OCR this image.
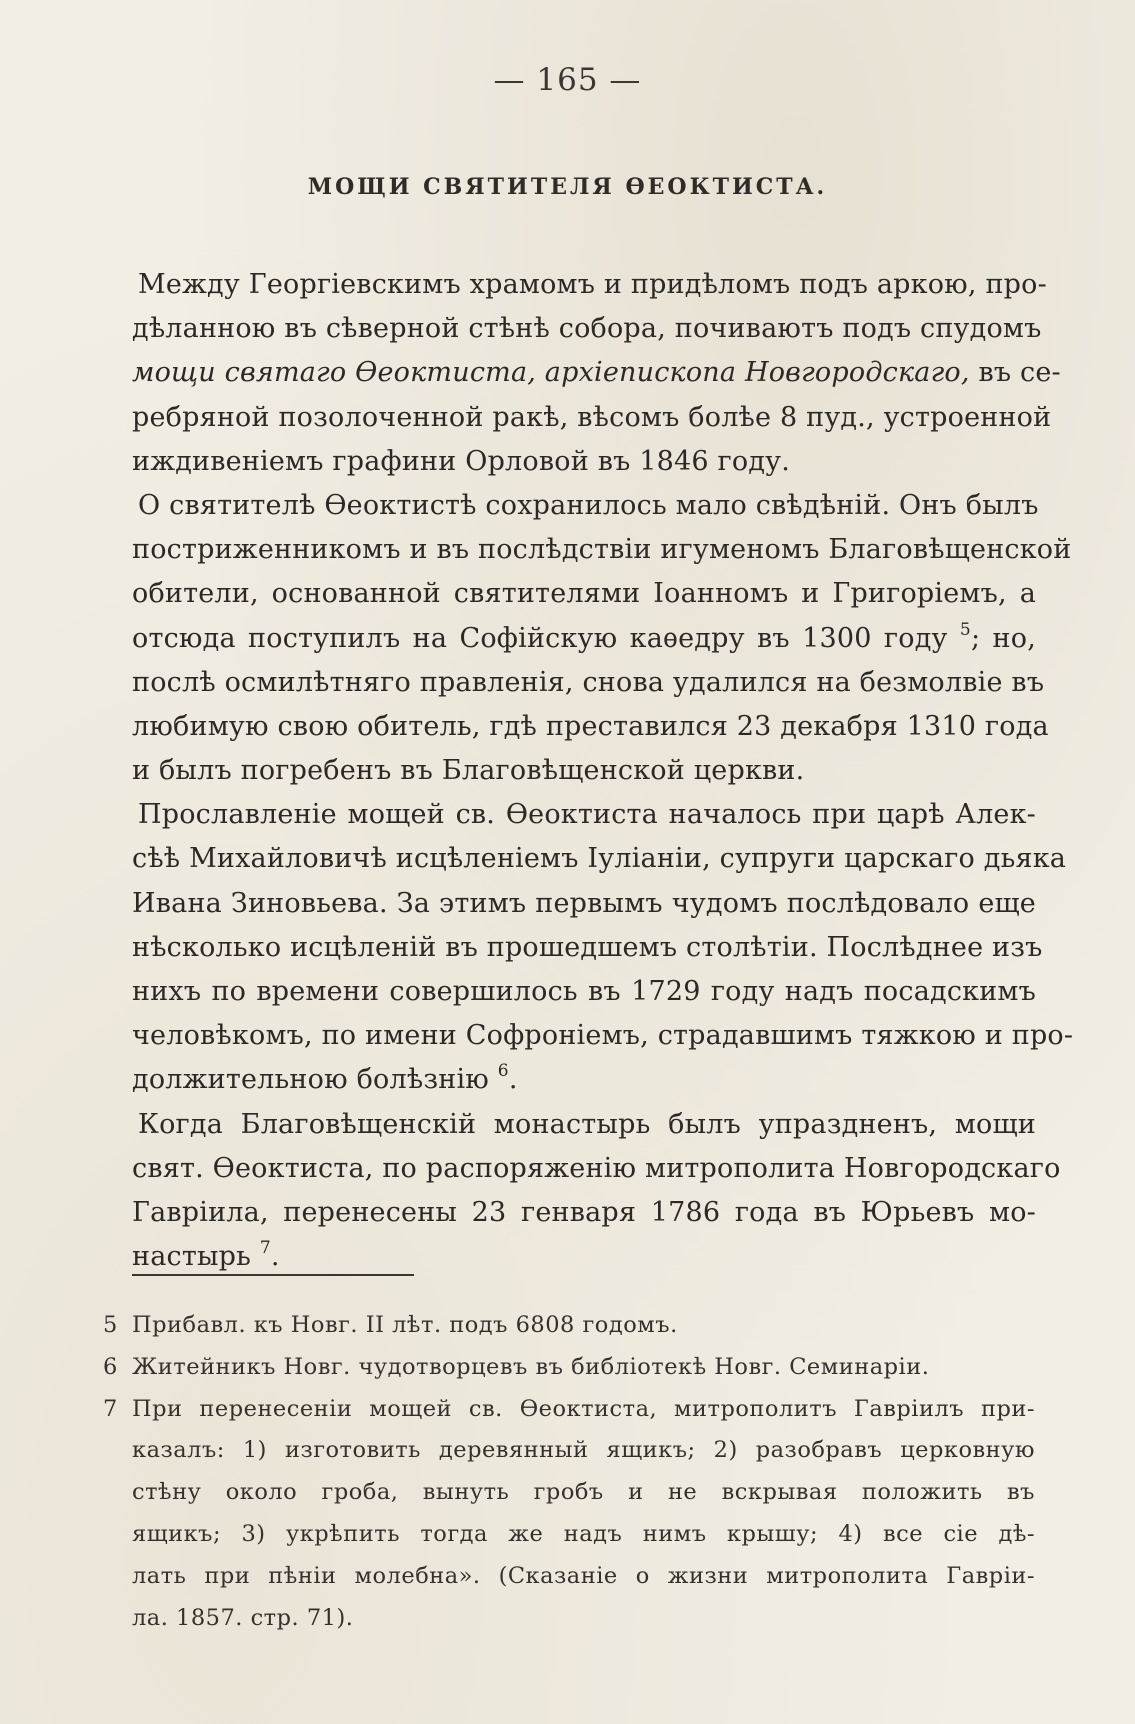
— 165 —
МОЩИ СВЯТИТЕЛЯ ѲЕОКТИСТА.
Между Георгіевскимъ храмомъ и придѣломъ подъ аркою, про-
дѣланною въ сѣверной стѣнѣ собора, почиваютъ подъ спудомъ
мощи святаго Ѳеоктиста, архіепископа Новгородскаго, въ се-
ребряной позолоченной ракѣ, вѣсомъ болѣе 8 пуд., устроенной
иждивеніемъ графини Орловой въ 1846 году.
О святителѣ Ѳеоктистѣ сохранилось мало свѣдѣній. Онъ былъ
постриженникомъ и въ послѣдствіи игуменомъ Благовѣщенской
обители, основанной святителями Іоанномъ и Григоріемъ, а
отсюда поступилъ на Софійскую каѳедру въ 1300 году $^5$; но,
послѣ осмилѣтняго правленія, снова удалился на безмолвіе въ
любимую свою обитель, гдѣ преставился 23 декабря 1310 года
и былъ погребенъ въ Благовѣщенской церкви.
Прославленіе мощей св. Ѳеоктиста началось при царѣ Алек-
сѣѣ Михайловичѣ исцѣленіемъ Іуліаніи, супруги царскаго дьяка
Ивана Зиновьева. За этимъ первымъ чудомъ послѣдовало еще
нѣсколько исцѣленій въ прошедшемъ столѣтіи. Послѣднее изъ
нихъ по времени совершилось въ 1729 году надъ посадскимъ
человѣкомъ, по имени Софроніемъ, страдавшимъ тяжкою и про-
должительною болѣзнію $^6$.
Когда Благовѣщенскій монастырь былъ упраздненъ, мощи
свят. Ѳеоктиста, по распоряженію митрополита Новгородскаго
Гавріила, перенесены 23 генваря 1786 года въ Юрьевъ мо-
настырь $^7$.
5 Прибавл. къ Новг. II лѣт. подъ 6808 годомъ.
6 Житейникъ Новг. чудотворцевъ въ библіотекѣ Новг. Семинаріи.
7 При перенесеніи мощей св. Ѳеоктиста, митрополитъ Гавріилъ при-
казалъ: 1) изготовить деревянный ящикъ; 2) разобравъ церковную
стѣну около гроба, вынуть гробъ и не вскрывая положить въ
ящикъ; 3) укрѣпить тогда же надъ нимъ крышу; 4) все сіе дѣ-
лать при пѣніи молебна». (Сказаніе о жизни митрополита Гавріи-
ла. 1857. стр. 71).
